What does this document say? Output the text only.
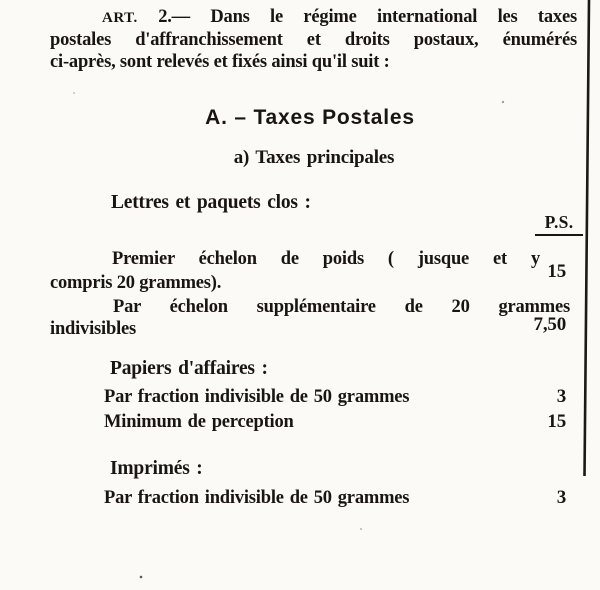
ART. 2.— Dans le régime international les taxes
postales d'affranchissement et droits postaux, énumérés
ci-après, sont relevés et fixés ainsi qu'il suit :
A. – Taxes Postales
a) Taxes principales
Lettres et paquets clos :
P.S.
Premier échelon de poids ( jusque et y
compris 20 grammes).
15
Par échelon supplémentaire de 20 grammes
indivisibles	7,50
Papiers d'affaires :
Par fraction indivisible de 50 grammes	3
Minimum de perception	15
Imprimés :
Par fraction indivisible de 50 grammes	3
